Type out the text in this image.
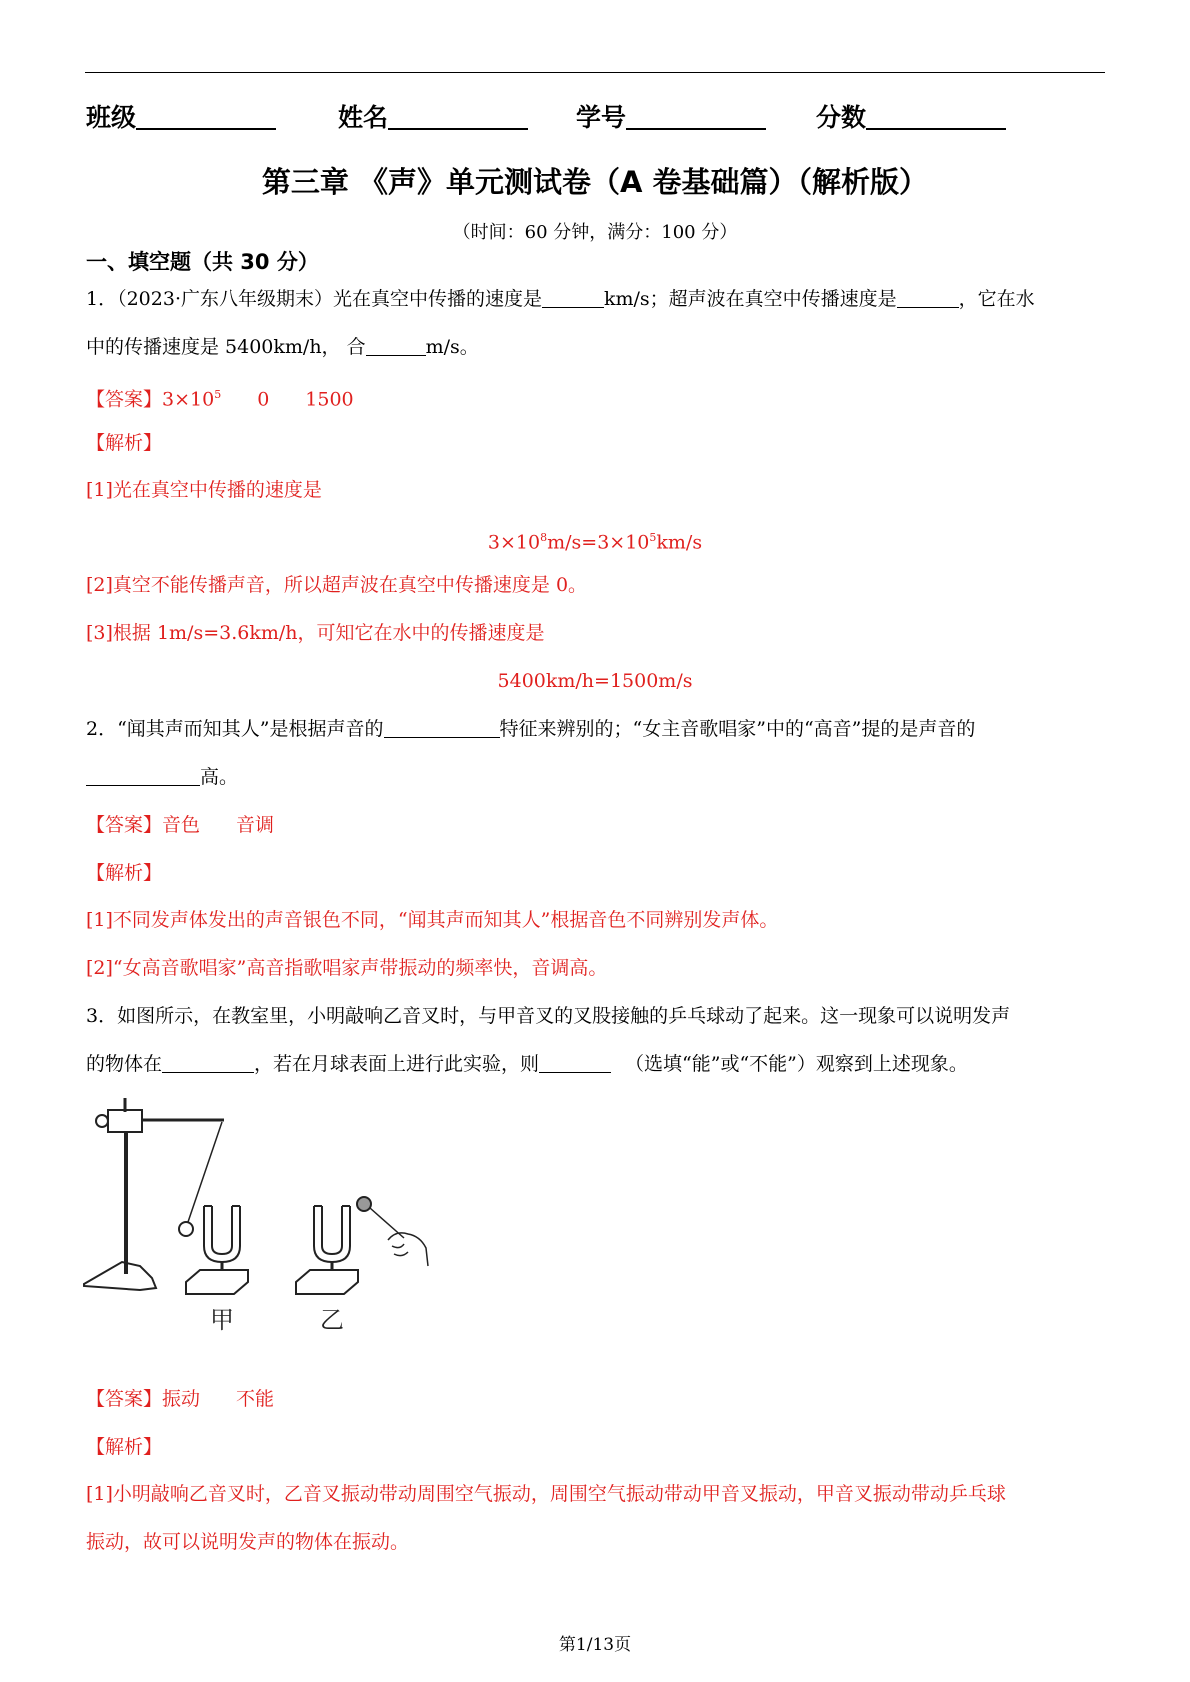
班级	姓名	学号	分数
第三章 《声》单元测试卷（A 卷基础篇）（解析版）
（时间：60 分钟，满分：100 分）
一、填空题（共 30 分）
1．（2023·广东八年级期末）光在真空中传播的速度是	km/s；超声波在真空中传播速度是	，它在水
中的传播速度是 5400km/h， 合	m/s。
【答案】$3\times 10^5$ 0 1500
【解析】
[1]光在真空中传播的速度是
$3\times 10^8m/s=3\times 10^5km/s$
[2]真空不能传播声音，所以超声波在真空中传播速度是 0。
[3]根据 1m/s=3.6km/h，可知它在水中的传播速度是
5400km/h=1500m/s
2．“闻其声而知其人”是根据声音的	特征来辨别的；“女主音歌唱家”中的“高音”提的是声音的
高。
【答案】音色 音调
【解析】
[1]不同发声体发出的声音银色不同，“闻其声而知其人”根据音色不同辨别发声体。
[2]“女高音歌唱家”高音指歌唱家声带振动的频率快，音调高。
3．如图所示，在教室里，小明敲响乙音叉时，与甲音叉的叉股接触的乒乓球动了起来。这一现象可以说明发声
的物体在	，若在月球表面上进行此实验，则	（选填“能”或“不能”）观察到上述现象。
甲	乙
【答案】振动 不能
【解析】
[1]小明敲响乙音叉时，乙音叉振动带动周围空气振动，周围空气振动带动甲音叉振动，甲音叉振动带动乒乓球
振动，故可以说明发声的物体在振动。
第1/13页
